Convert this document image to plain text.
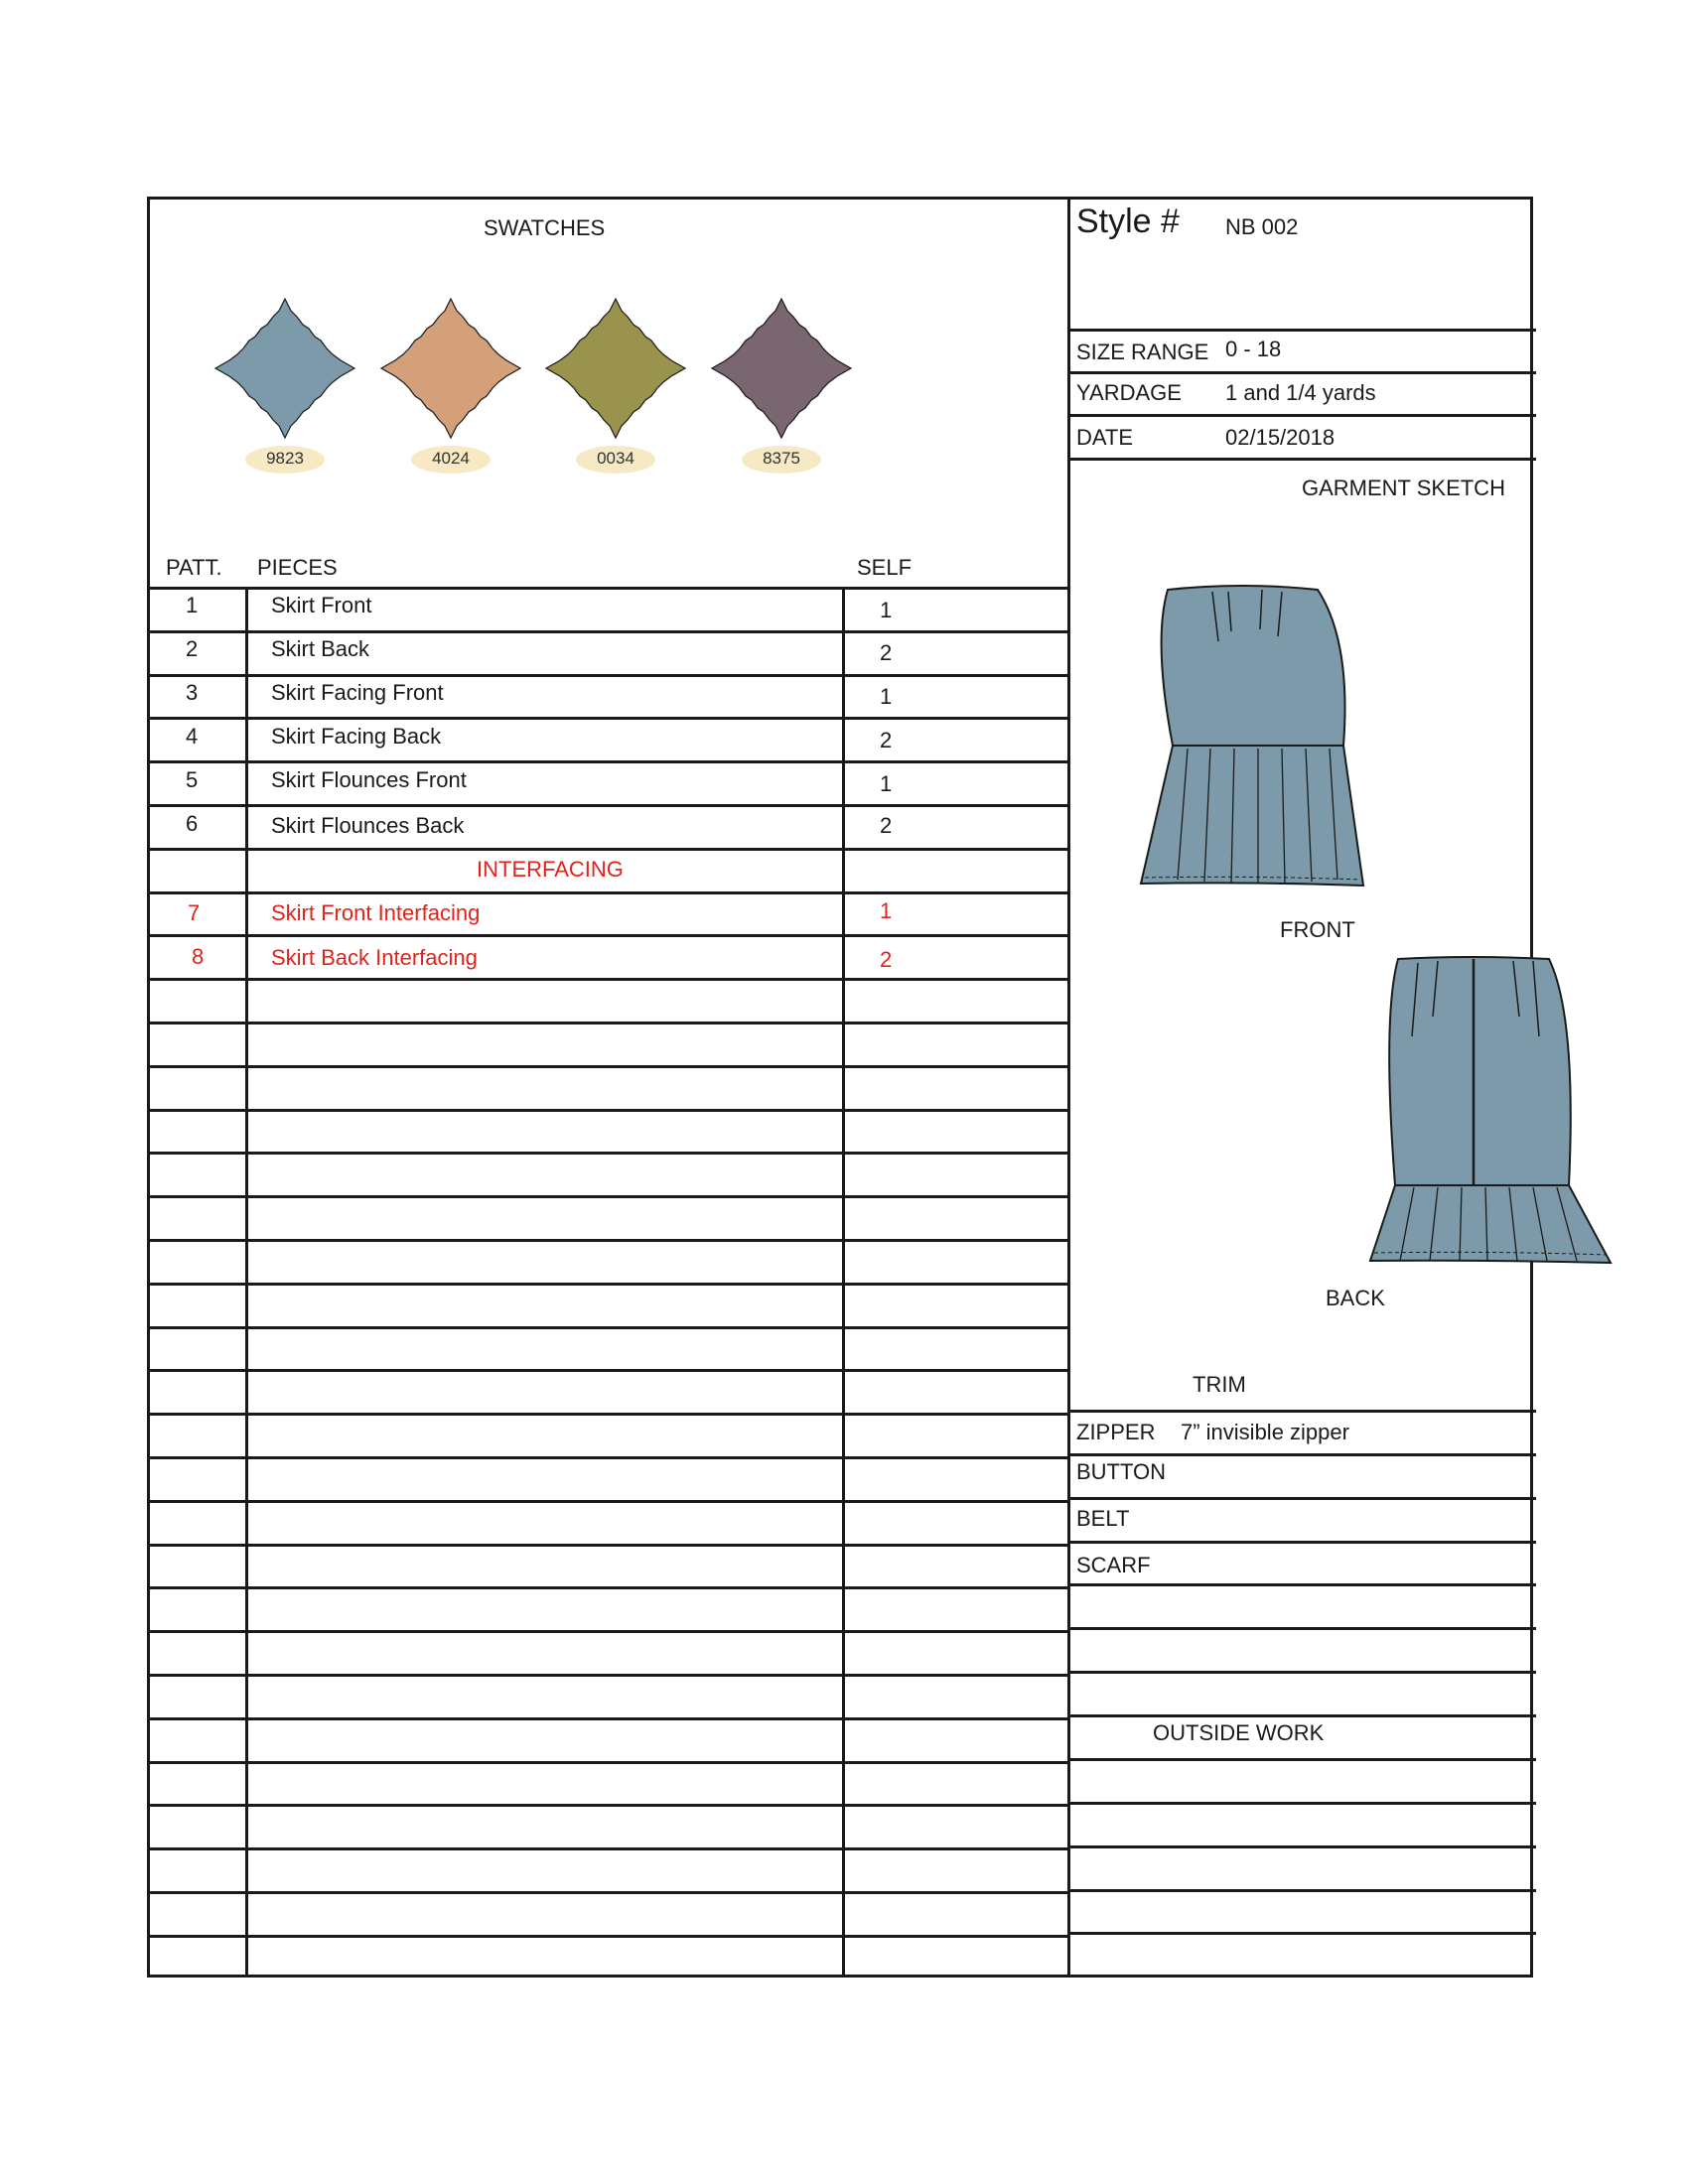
SWATCHES
9823	4024	0034	8375
PATT. PIECES	SELF
1	Skirt Front	1
2	Skirt Back	2
3	Skirt Facing Front	1
4	Skirt Facing Back	2
5	Skirt Flounces Front	1
6	Skirt Flounces Back	2
INTERFACING
7	Skirt Front Interfacing	1
8	Skirt Back Interfacing	2
Style # NB 002
SIZE RANGE 0 - 18
YARDAGE 1 and 1/4 yards
DATE	02/15/2018
GARMENT SKETCH
FRONT
BACK
TRIM
ZIPPER 7” invisible zipper
BUTTON
BELT
SCARF
OUTSIDE WORK
